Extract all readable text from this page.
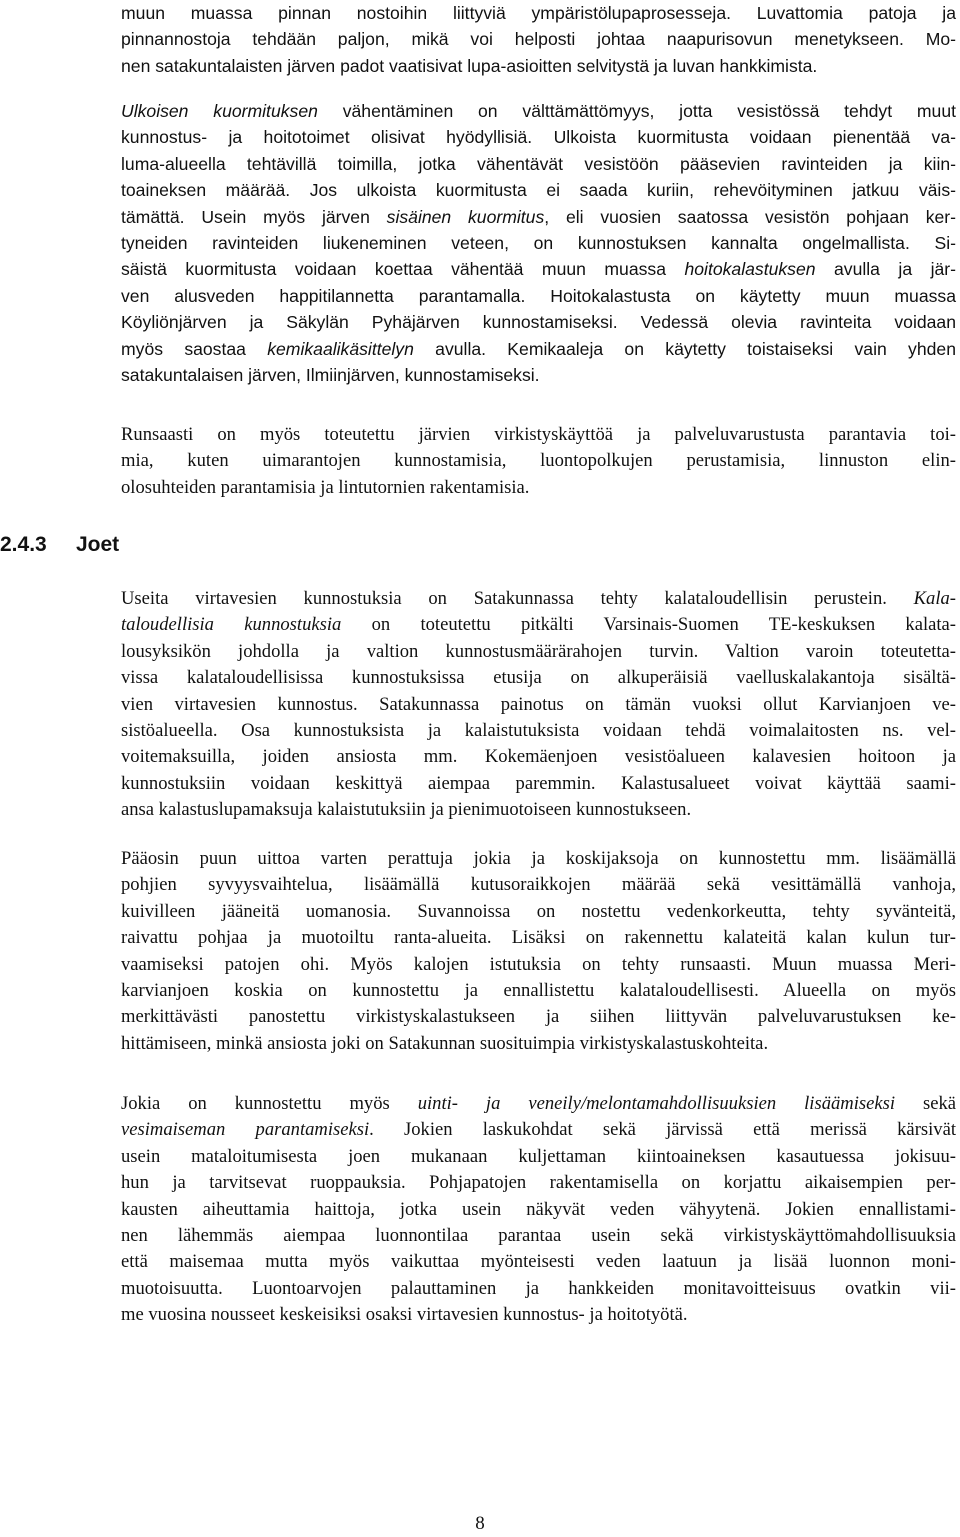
2.4.3 Joet
muun muassa pinnan nostoihin liittyviä ympäristölupaprosesseja. Luvattomia patoja ja
pinnannostoja tehdään paljon, mikä voi helposti johtaa naapurisovun menetykseen. Mo-
nen satakuntalaisten järven padot vaatisivat lupa-asioitten selvitystä ja luvan hankkimista.
Ulkoisen kuormituksen vähentäminen on välttämättömyys, jotta vesistössä tehdyt muut
kunnostus- ja hoitotoimet olisivat hyödyllisiä. Ulkoista kuormitusta voidaan pienentää va-
luma-alueella tehtävillä toimilla, jotka vähentävät vesistöön pääsevien ravinteiden ja kiin-
toaineksen määrää. Jos ulkoista kuormitusta ei saada kuriin, rehevöityminen jatkuu väis-
tämättä. Usein myös järven sisäinen kuormitus, eli vuosien saatossa vesistön pohjaan ker-
tyneiden ravinteiden liukeneminen veteen, on kunnostuksen kannalta ongelmallista. Si-
säistä kuormitusta voidaan koettaa vähentää muun muassa hoitokalastuksen avulla ja jär-
ven alusveden happitilannetta parantamalla. Hoitokalastusta on käytetty muun muassa
Köyliönjärven ja Säkylän Pyhäjärven kunnostamiseksi. Vedessä olevia ravinteita voidaan
myös saostaa kemikaalikäsittelyn avulla. Kemikaaleja on käytetty toistaiseksi vain yhden
satakuntalaisen järven, Ilmiinjärven, kunnostamiseksi.
Runsaasti on myös toteutettu järvien virkistyskäyttöä ja palveluvarustusta parantavia toi-
mia, kuten uimarantojen kunnostamisia, luontopolkujen perustamisia, linnuston elin-
olosuhteiden parantamisia ja lintutornien rakentamisia.
Useita virtavesien kunnostuksia on Satakunnassa tehty kalataloudellisin perustein. Kala-
taloudellisia kunnostuksia on toteutettu pitkälti Varsinais-Suomen TE-keskuksen kalata-
lousyksikön johdolla ja valtion kunnostusmäärärahojen turvin. Valtion varoin toteutetta-
vissa kalataloudellisissa kunnostuksissa etusija on alkuperäisiä vaelluskalakantoja sisältä-
vien virtavesien kunnostus. Satakunnassa painotus on tämän vuoksi ollut Karvianjoen ve-
sistöalueella. Osa kunnostuksista ja kalaistutuksista voidaan tehdä voimalaitosten ns. vel-
voitemaksuilla, joiden ansiosta mm. Kokemäenjoen vesistöalueen kalavesien hoitoon ja
kunnostuksiin voidaan keskittyä aiempaa paremmin. Kalastusalueet voivat käyttää saami-
ansa kalastuslupamaksuja kalaistutuksiin ja pienimuotoiseen kunnostukseen.
Pääosin puun uittoa varten perattuja jokia ja koskijaksoja on kunnostettu mm. lisäämällä
pohjien syvyysvaihtelua, lisäämällä kutusoraikkojen määrää sekä vesittämällä vanhoja,
kuivilleen jääneitä uomanosia. Suvannoissa on nostettu vedenkorkeutta, tehty syvänteitä,
raivattu pohjaa ja muotoiltu ranta-alueita. Lisäksi on rakennettu kalateitä kalan kulun tur-
vaamiseksi patojen ohi. Myös kalojen istutuksia on tehty runsaasti. Muun muassa Meri-
karvianjoen koskia on kunnostettu ja ennallistettu kalataloudellisesti. Alueella on myös
merkittävästi panostettu virkistyskalastukseen ja siihen liittyvän palveluvarustuksen ke-
hittämiseen, minkä ansiosta joki on Satakunnan suosituimpia virkistyskalastuskohteita.
Jokia on kunnostettu myös uinti- ja veneily/melontamahdollisuuksien lisäämiseksi sekä
vesimaiseman parantamiseksi. Jokien laskukohdat sekä järvissä että merissä kärsivät
usein mataloitumisesta joen mukanaan kuljettaman kiintoaineksen kasautuessa jokisuu-
hun ja tarvitsevat ruoppauksia. Pohjapatojen rakentamisella on korjattu aikaisempien per-
kausten aiheuttamia haittoja, jotka usein näkyvät veden vähyytenä. Jokien ennallistami-
nen lähemmäs aiempaa luonnontilaa parantaa usein sekä virkistyskäyttömahdollisuuksia
että maisemaa mutta myös vaikuttaa myönteisesti veden laatuun ja lisää luonnon moni-
muotoisuutta. Luontoarvojen palauttaminen ja hankkeiden monitavoitteisuus ovatkin vii-
me vuosina nousseet keskeisiksi osaksi virtavesien kunnostus- ja hoitotyötä.
8
